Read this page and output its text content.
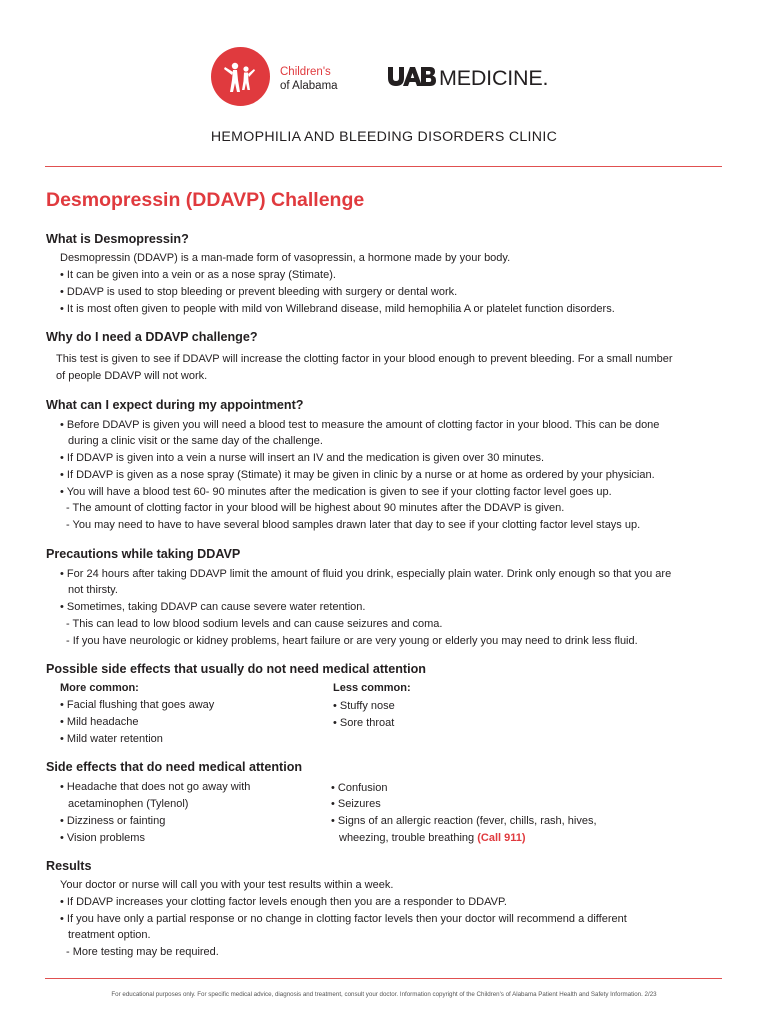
Children's
of Alabama	MEDICINE.
HEMOPHILIA AND BLEEDING DISORDERS CLINIC
Desmopressin (DDAVP) Challenge
What is Desmopressin?
Desmopressin (DDAVP) is a man-made form of vasopressin, a hormone made by your body.
• It can be given into a vein or as a nose spray (Stimate).
• DDAVP is used to stop bleeding or prevent bleeding with surgery or dental work.
• It is most often given to people with mild von Willebrand disease, mild hemophilia A or platelet function disorders.
Why do I need a DDAVP challenge?
This test is given to see if DDAVP will increase the clotting factor in your blood enough to prevent bleeding. For a small number
of people DDAVP will not work.
What can I expect during my appointment?
• Before DDAVP is given you will need a blood test to measure the amount of clotting factor in your blood. This can be done
during a clinic visit or the same day of the challenge.
• If DDAVP is given into a vein a nurse will insert an IV and the medication is given over 30 minutes.
• If DDAVP is given as a nose spray (Stimate) it may be given in clinic by a nurse or at home as ordered by your physician.
• You will have a blood test 60- 90 minutes after the medication is given to see if your clotting factor level goes up.
- The amount of clotting factor in your blood will be highest about 90 minutes after the DDAVP is given.
- You may need to have to have several blood samples drawn later that day to see if your clotting factor level stays up.
Precautions while taking DDAVP
• For 24 hours after taking DDAVP limit the amount of fluid you drink, especially plain water. Drink only enough so that you are
not thirsty.
• Sometimes, taking DDAVP can cause severe water retention.
- This can lead to low blood sodium levels and can cause seizures and coma.
- If you have neurologic or kidney problems, heart failure or are very young or elderly you may need to drink less fluid.
Possible side effects that usually do not need medical attention
More common:
• Facial flushing that goes away
• Mild headache
• Mild water retention
Less common:
• Stuffy nose
• Sore throat
Side effects that do need medical attention
• Headache that does not go away with
acetaminophen (Tylenol)
• Dizziness or fainting
• Vision problems
• Confusion
• Seizures
• Signs of an allergic reaction (fever, chills, rash, hives,
wheezing, trouble breathing (Call 911)
Results
Your doctor or nurse will call you with your test results within a week.
• If DDAVP increases your clotting factor levels enough then you are a responder to DDAVP.
• If you have only a partial response or no change in clotting factor levels then your doctor will recommend a different
treatment option.
- More testing may be required.
For educational purposes only. For specific medical advice, diagnosis and treatment, consult your doctor. Information copyright of the Children's of Alabama Patient Health and Safety Information. 2/23
